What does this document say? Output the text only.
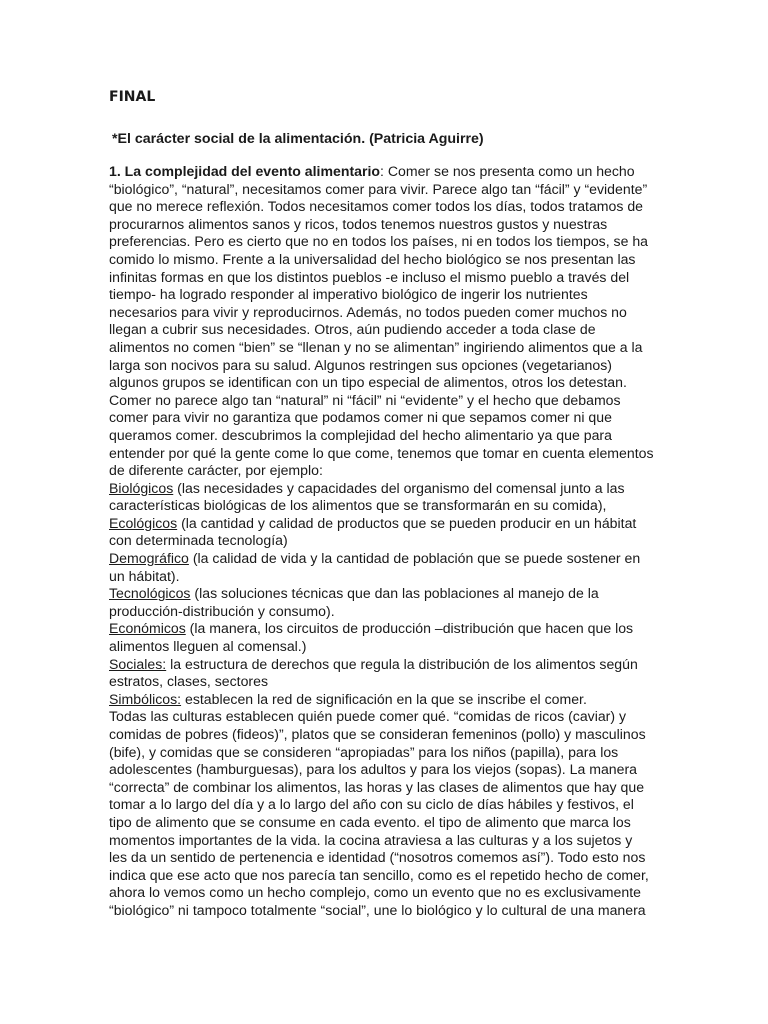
FINAL

*El carácter social de la alimentación. (Patricia Aguirre)

1. La complejidad del evento alimentario: Comer se nos presenta como un hecho
“biológico”, “natural”, necesitamos comer para vivir. Parece algo tan “fácil” y “evidente”
que no merece reflexión. Todos necesitamos comer todos los días, todos tratamos de
procurarnos alimentos sanos y ricos, todos tenemos nuestros gustos y nuestras
preferencias. Pero es cierto que no en todos los países, ni en todos los tiempos, se ha
comido lo mismo. Frente a la universalidad del hecho biológico se nos presentan las
infinitas formas en que los distintos pueblos -e incluso el mismo pueblo a través del
tiempo- ha logrado responder al imperativo biológico de ingerir los nutrientes
necesarios para vivir y reproducirnos. Además, no todos pueden comer muchos no
llegan a cubrir sus necesidades. Otros, aún pudiendo acceder a toda clase de
alimentos no comen “bien” se “llenan y no se alimentan” ingiriendo alimentos que a la
larga son nocivos para su salud. Algunos restringen sus opciones (vegetarianos)
algunos grupos se identifican con un tipo especial de alimentos, otros los detestan.
Comer no parece algo tan “natural” ni “fácil” ni “evidente” y el hecho que debamos
comer para vivir no garantiza que podamos comer ni que sepamos comer ni que
queramos comer. descubrimos la complejidad del hecho alimentario ya que para
entender por qué la gente come lo que come, tenemos que tomar en cuenta elementos
de diferente carácter, por ejemplo:
Biológicos (las necesidades y capacidades del organismo del comensal junto a las
características biológicas de los alimentos que se transformarán en su comida),
Ecológicos (la cantidad y calidad de productos que se pueden producir en un hábitat
con determinada tecnología)
Demográfico (la calidad de vida y la cantidad de población que se puede sostener en
un hábitat).
Tecnológicos (las soluciones técnicas que dan las poblaciones al manejo de la
producción-distribución y consumo).
Económicos (la manera, los circuitos de producción –distribución que hacen que los
alimentos lleguen al comensal.)
Sociales: la estructura de derechos que regula la distribución de los alimentos según
estratos, clases, sectores
Simbólicos: establecen la red de significación en la que se inscribe el comer.
Todas las culturas establecen quién puede comer qué. “comidas de ricos (caviar) y
comidas de pobres (fideos)”, platos que se consideran femeninos (pollo) y masculinos
(bife), y comidas que se consideren “apropiadas” para los niños (papilla), para los
adolescentes (hamburguesas), para los adultos y para los viejos (sopas). La manera
“correcta” de combinar los alimentos, las horas y las clases de alimentos que hay que
tomar a lo largo del día y a lo largo del año con su ciclo de días hábiles y festivos, el
tipo de alimento que se consume en cada evento. el tipo de alimento que marca los
momentos importantes de la vida. la cocina atraviesa a las culturas y a los sujetos y
les da un sentido de pertenencia e identidad (“nosotros comemos así”). Todo esto nos
indica que ese acto que nos parecía tan sencillo, como es el repetido hecho de comer,
ahora lo vemos como un hecho complejo, como un evento que no es exclusivamente
“biológico” ni tampoco totalmente “social”, une lo biológico y lo cultural de una manera
